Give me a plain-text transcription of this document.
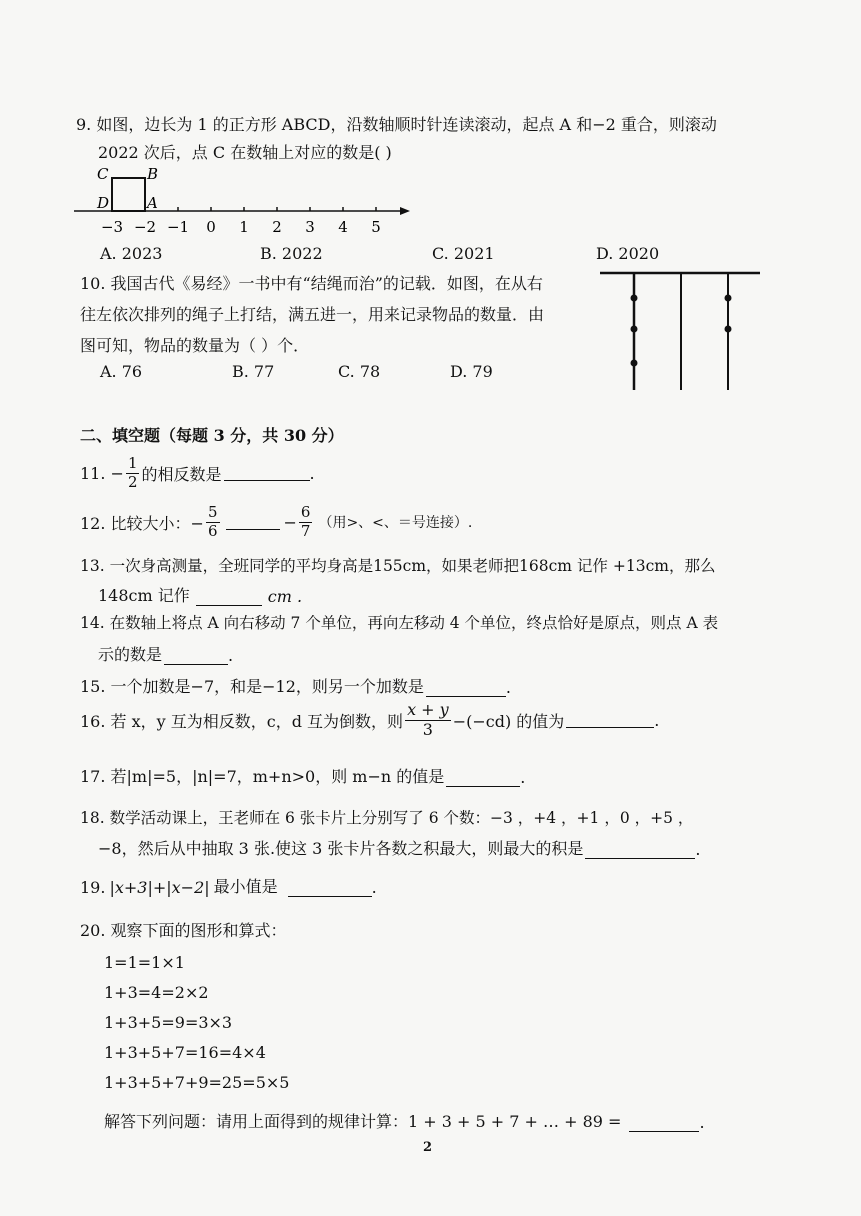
9. 如图，边长为 1 的正方形 ABCD，沿数轴顺时针连读滚动，起点 A 和−2 重合，则滚动
2022 次后，点 C 在数轴上对应的数是( )
C	B
D	A
−3 −2 −1 0 1 2 3 4 5
A. 2023	B. 2022	C. 2021	D. 2020
10. 我国古代《易经》一书中有“结绳而治”的记载．如图，在从右
往左依次排列的绳子上打结，满五进一，用来记录物品的数量．由
图可知，物品的数量为（ ）个．
A. 76	B. 77	C. 78	D. 79
二、填空题（每题 3 分，共 30 分）
11. − $\frac{1}{2}$ 的相反数是	.
12. 比较大小：− $\frac{5}{6}$	− $\frac{6}{7}$ （用>、<、＝号连接）.
13. 一次身高测量，全班同学的平均身高是155cm，如果老师把168cm 记作 +13cm，那么
148cm 记作	cm .
14. 在数轴上将点 A 向右移动 7 个单位，再向左移动 4 个单位，终点恰好是原点，则点 A 表
示的数是	.
15. 一个加数是−7，和是−12，则另一个加数是	.
16. 若 x，y 互为相反数，c，d 互为倒数，则 $\frac{x + y}{3} -(-cd)$ 的值为	.
17. 若|m|=5，|n|=7，m+n>0，则 m−n 的值是	.
18. 数学活动课上，王老师在 6 张卡片上分别写了 6 个数：−3 ，+4 ，+1 ，0 ，+5 ，
−8，然后从中抽取 3 张.使这 3 张卡片各数之积最大，则最大的积是	.
19. |x+3|+|x−2| 最小值是	.
20. 观察下面的图形和算式：
1=1=1×1
1+3=4=2×2
1+3+5=9=3×3
1+3+5+7=16=4×4
1+3+5+7+9=25=5×5
解答下列问题：请用上面得到的规律计算：1 + 3 + 5 + 7 + … + 89 =	.
2
